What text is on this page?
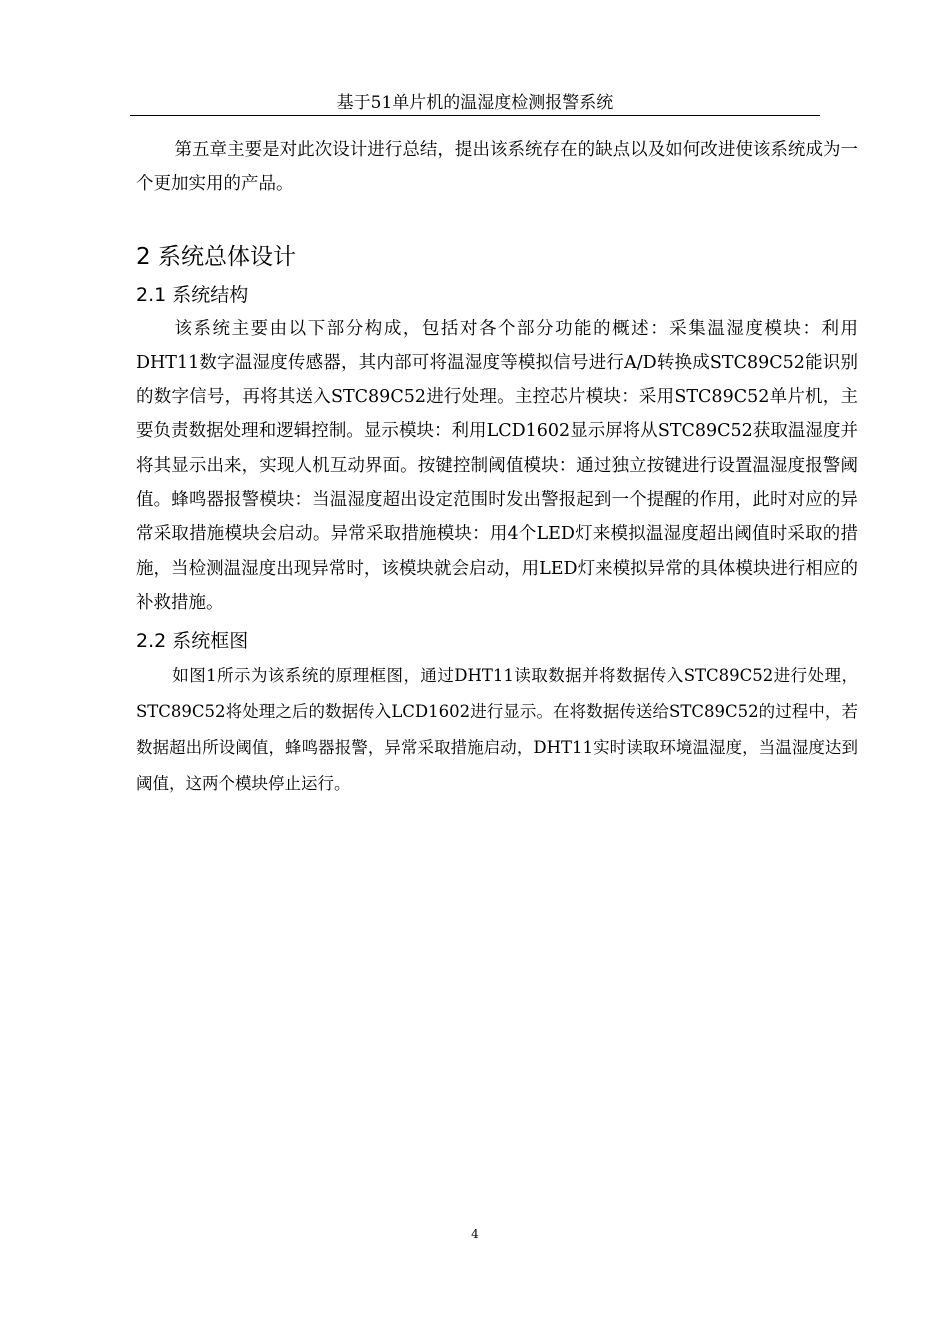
基于51单片机的温湿度检测报警系统

第五章主要是对此次设计进行总结，提出该系统存在的缺点以及如何改进使该系统成为一个更加实用的产品。

2 系统总体设计
2.1 系统结构

该系统主要由以下部分构成，包括对各个部分功能的概述：采集温湿度模块：利用DHT11数字温湿度传感器，其内部可将温湿度等模拟信号进行A/D转换成STC89C52能识别的数字信号，再将其送入STC89C52进行处理。主控芯片模块：采用STC89C52单片机，主要负责数据处理和逻辑控制。显示模块：利用LCD1602显示屏将从STC89C52获取温湿度并将其显示出来，实现人机互动界面。按键控制阈值模块：通过独立按键进行设置温湿度报警阈值。蜂鸣器报警模块：当温湿度超出设定范围时发出警报起到一个提醒的作用，此时对应的异常采取措施模块会启动。异常采取措施模块：用4个LED灯来模拟温湿度超出阈值时采取的措施，当检测温湿度出现异常时，该模块就会启动，用LED灯来模拟异常的具体模块进行相应的补救措施。

2.2 系统框图

如图1所示为该系统的原理框图，通过DHT11读取数据并将数据传入STC89C52进行处理，STC89C52将处理之后的数据传入LCD1602进行显示。在将数据传送给STC89C52的过程中，若数据超出所设阈值，蜂鸣器报警，异常采取措施启动，DHT11实时读取环境温湿度，当温湿度达到阈值，这两个模块停止运行。

4
